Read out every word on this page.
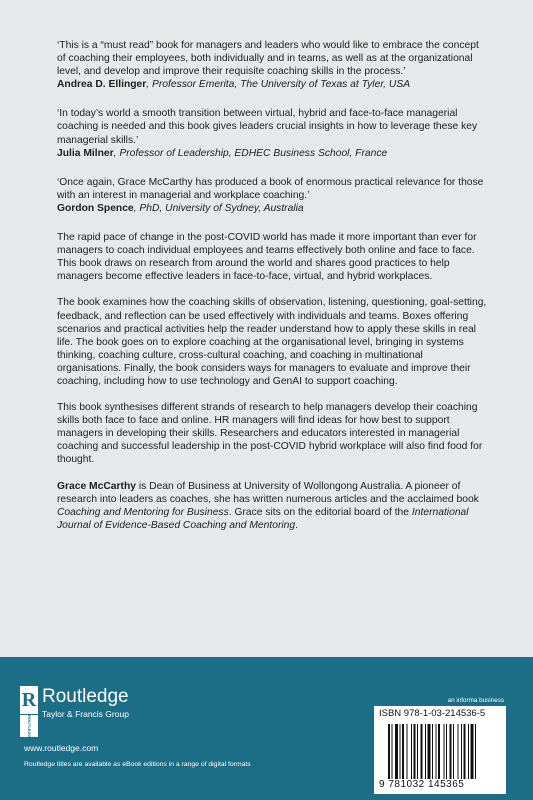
‘This is a “must read” book for managers and leaders who would like to embrace the concept of coaching their employees, both individually and in teams, as well as at the organizational level, and develop and improve their requisite coaching skills in the process.’
Andrea D. Ellinger, Professor Emerita, The University of Texas at Tyler, USA

‘In today’s world a smooth transition between virtual, hybrid and face-to-face managerial coaching is needed and this book gives leaders crucial insights in how to leverage these key managerial skills.’
Julia Milner, Professor of Leadership, EDHEC Business School, France

‘Once again, Grace McCarthy has produced a book of enormous practical relevance for those with an interest in managerial and workplace coaching.’
Gordon Spence, PhD, University of Sydney, Australia

The rapid pace of change in the post-COVID world has made it more important than ever for managers to coach individual employees and teams effectively both online and face to face. This book draws on research from around the world and shares good practices to help managers become effective leaders in face-to-face, virtual, and hybrid workplaces.

The book examines how the coaching skills of observation, listening, questioning, goal-setting, feedback, and reflection can be used effectively with individuals and teams. Boxes offering scenarios and practical activities help the reader understand how to apply these skills in real life. The book goes on to explore coaching at the organisational level, bringing in systems thinking, coaching culture, cross-cultural coaching, and coaching in multinational organisations. Finally, the book considers ways for managers to evaluate and improve their coaching, including how to use technology and GenAI to support coaching.

This book synthesises different strands of research to help managers develop their coaching skills both face to face and online. HR managers will find ideas for how best to support managers in developing their skills. Researchers and educators interested in managerial coaching and successful leadership in the post-COVID hybrid workplace will also find food for thought.

Grace McCarthy is Dean of Business at University of Wollongong Australia. A pioneer of research into leaders as coaches, she has written numerous articles and the acclaimed book Coaching and Mentoring for Business. Grace sits on the editorial board of the International Journal of Evidence-Based Coaching and Mentoring.

R
ROUTLEDGE
Routledge
Taylor & Francis Group
www.routledge.com
Routledge titles are available as eBook editions in a range of digital formats
an informa business
ISBN 978-1-03-214536-5
9 781032 145365
